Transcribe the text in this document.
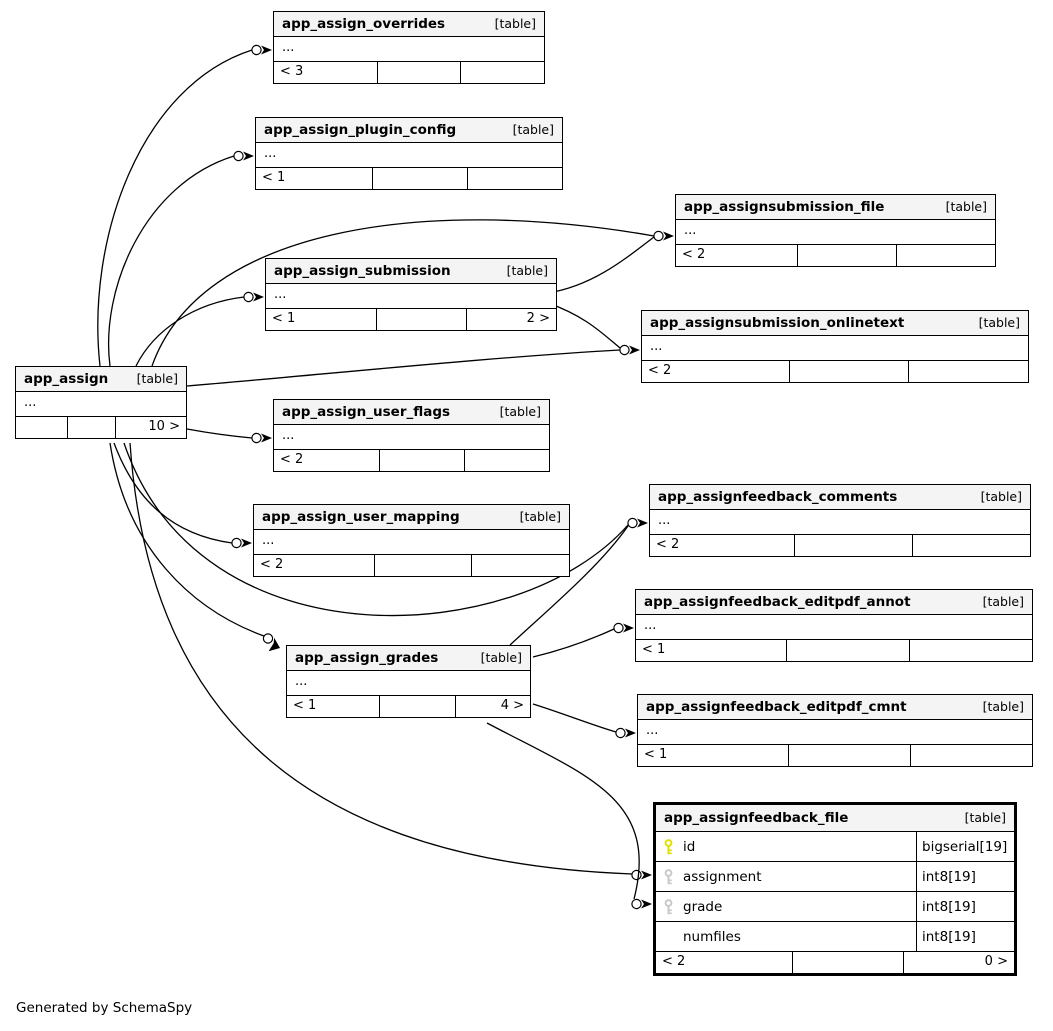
app_assign_overrides	[table]
...
< 3
app_assign_plugin_config	[table]
...
< 1
app_assignsubmission_file	[table]
...
< 2
app_assign_submission	[table]
...
< 1	2 >	app_assignsubmission_onlinetext	[table]
...
< 2
app_assign [table]
...
10 >
app_assign_user_flags	[table]
...
< 2
app_assign_user_mapping	[table]
...
< 2
app_assignfeedback_comments	[table]
...
< 2
app_assignfeedback_editpdf_annot	[table]
...
< 1
app_assign_grades	[table]
...
< 1	4 >	app_assignfeedback_editpdf_cmnt	[table]
...
< 1
app_assignfeedback_file	[table]
id	bigserial[19]
assignment	int8[19]
grade	int8[19]
numfiles	int8[19]
< 2	0 >
Generated by SchemaSpy
